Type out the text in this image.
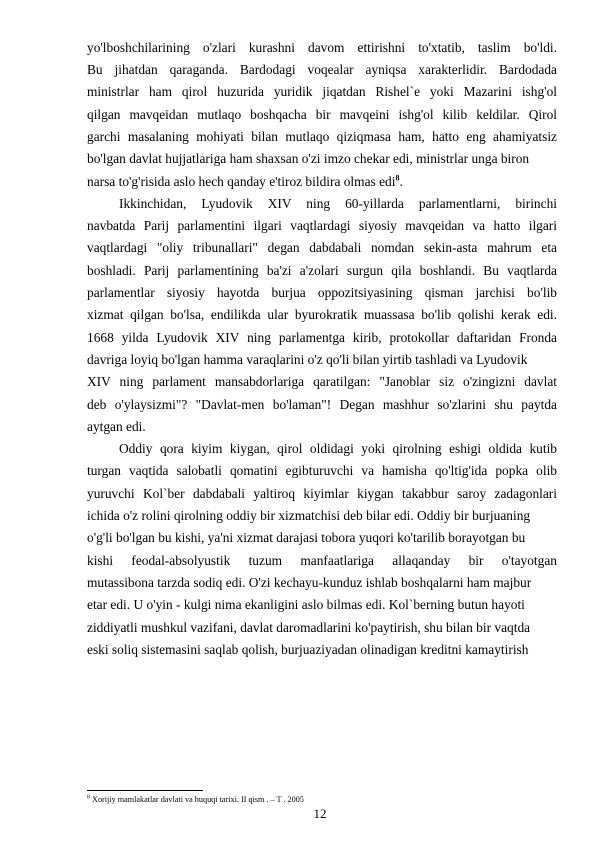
yo'lboshchilarining o'zlari kurashni davom ettirishni to'xtatib, taslim bo'ldi.
Bu jihatdan qaraganda. Bardodagi voqealar ayniqsa xarakterlidir. Bardodada
ministrlar ham qirol huzurida yuridik jiqatdan Rishel`e yoki Mazarini ishg'ol
qilgan mavqeidan mutlaqo boshqacha bir mavqeini ishg'ol kilib keldilar. Qirol
garchi masalaning mohiyati bilan mutlaqo qiziqmasa ham, hatto eng ahamiyatsiz
bo'lgan davlat hujjatlariga ham shaxsan o'zi imzo chekar edi, ministrlar unga biron
narsa to'g'risida aslo hech qanday e'tiroz bildira olmas edi$^8$.
Ikkinchidan, Lyudovik XIV ning 60-yillarda parlamentlarni, birinchi
navbatda Parij parlamentini ilgari vaqtlardagi siyosiy mavqeidan va hatto ilgari
vaqtlardagi "oliy tribunallari" degan dabdabali nomdan sekin-asta mahrum eta
boshladi. Parij parlamentining ba'zi a'zolari surgun qila boshlandi. Bu vaqtlarda
parlamentlar siyosiy hayotda burjua oppozitsiyasining qisman jarchisi bo'lib
xizmat qilgan bo'lsa, endilikda ular byurokratik muassasa bo'lib qolishi kerak edi.
1668 yilda Lyudovik XIV ning parlamentga kirib, protokollar daftaridan Fronda
davriga loyiq bo'lgan hamma varaqlarini o'z qo'li bilan yirtib tashladi va Lyudovik
XIV ning parlament mansabdorlariga qaratilgan: "Janoblar siz o'zingizni davlat
deb o'ylaysizmi"? "Davlat-men bo'laman"! Degan mashhur so'zlarini shu paytda
aytgan edi.
Oddiy qora kiyim kiygan, qirol oldidagi yoki qirolning eshigi oldida kutib
turgan vaqtida salobatli qomatini egibturuvchi va hamisha qo'ltig'ida popka olib
yuruvchi Kol`ber dabdabali yaltiroq kiyimlar kiygan takabbur saroy zadagonlari
ichida o'z rolini qirolning oddiy bir xizmatchisi deb bilar edi. Oddiy bir burjuaning
o'g'li bo'lgan bu kishi, ya'ni xizmat darajasi tobora yuqori ko'tarilib borayotgan bu
kishi feodal-absolyustik tuzum manfaatlariga allaqanday bir o'tayotgan
mutassibona tarzda sodiq edi. O'zi kechayu-kunduz ishlab boshqalarni ham majbur
etar edi. U o'yin - kulgi nima ekanligini aslo bilmas edi. Kol`berning butun hayoti
ziddiyatli mushkul vazifani, davlat daromadlarini ko'paytirish, shu bilan bir vaqtda
eski soliq sistemasini saqlab qolish, burjuaziyadan olinadigan kreditni kamaytirish
$^8$ Xorijiy mamlakatlar davlati va huquqi tarixi. II qism . – T . 2005
12
